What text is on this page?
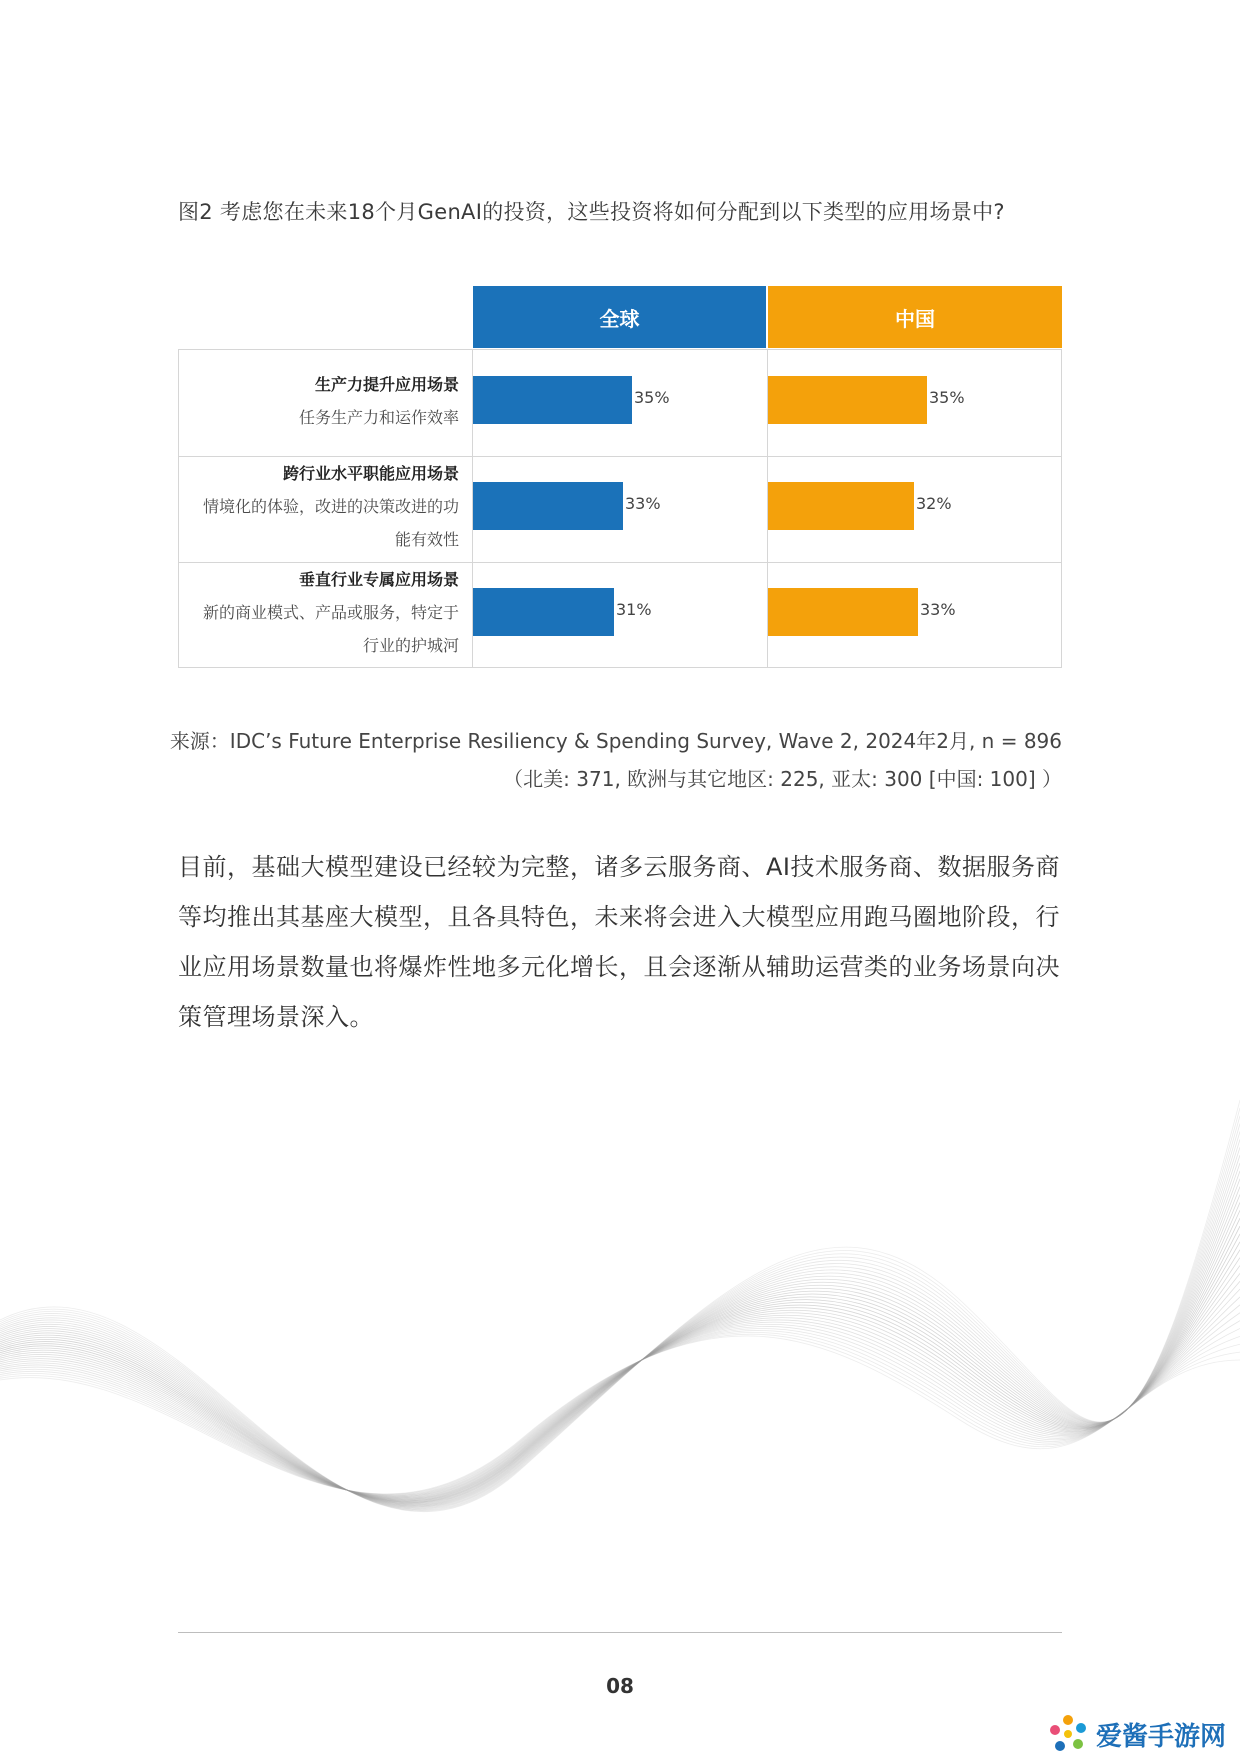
图2 考虑您在未来18个月GenAI的投资，这些投资将如何分配到以下类型的应用场景中?
全球	中国
生产力提升应用场景
任务生产力和运作效率
跨行业水平职能应用场景
情境化的体验，改进的决策改进的功
能有效性
垂直行业专属应用场景
新的商业模式、产品或服务，特定于
行业的护城河
35%
33%
31%
35%
32%
33%
来源：IDC’s Future Enterprise Resiliency & Spending Survey, Wave 2, 2024年2月, n = 896
（北美: 371, 欧洲与其它地区: 225, 亚太: 300 [中国: 100] ）
目前，基础大模型建设已经较为完整，诸多云服务商、AI技术服务商、数据服务商等均推出其基座大模型，且各具特色，未来将会进入大模型应用跑马圈地阶段，行业应用场景数量也将爆炸性地多元化增长，且会逐渐从辅助运营类的业务场景向决策管理场景深入。
08
爱酱手游网
